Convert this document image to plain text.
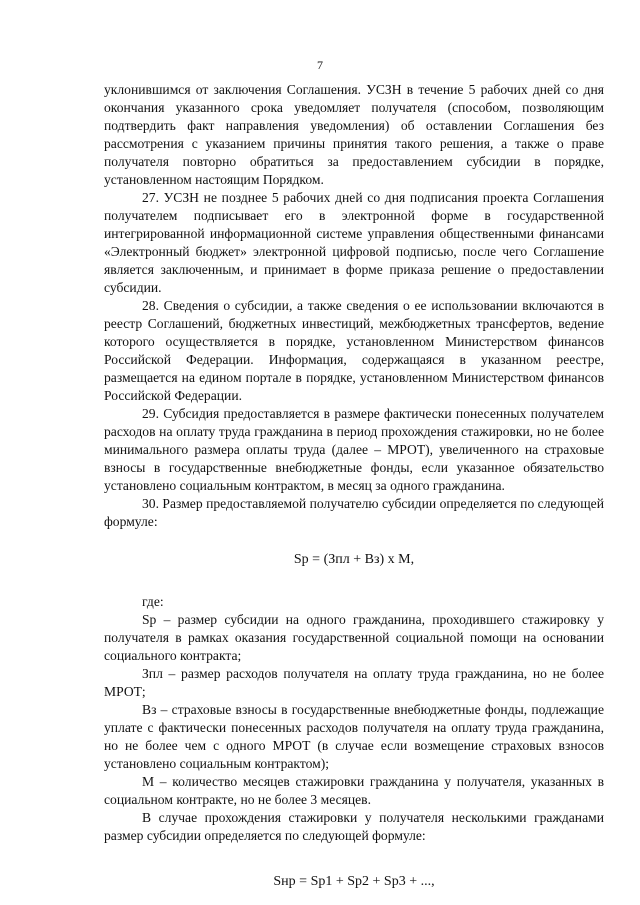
7

уклонившимся от заключения Соглашения. УСЗН в течение 5 рабочих дней со дня окончания указанного срока уведомляет получателя (способом, позволяющим подтвердить факт направления уведомления) об оставлении Соглашения без рассмотрения с указанием причины принятия такого решения, а также о праве получателя повторно обратиться за предоставлением субсидии в порядке, установленном настоящим Порядком.

27. УСЗН не позднее 5 рабочих дней со дня подписания проекта Соглашения получателем подписывает его в электронной форме в государственной интегрированной информационной системе управления общественными финансами «Электронный бюджет» электронной цифровой подписью, после чего Соглашение является заключенным, и принимает в форме приказа решение о предоставлении субсидии.

28. Сведения о субсидии, а также сведения о ее использовании включаются в реестр Соглашений, бюджетных инвестиций, межбюджетных трансфертов, ведение которого осуществляется в порядке, установленном Министерством финансов Российской Федерации. Информация, содержащаяся в указанном реестре, размещается на едином портале в порядке, установленном Министерством финансов Российской Федерации.

29. Субсидия предоставляется в размере фактически понесенных получателем расходов на оплату труда гражданина в период прохождения стажировки, но не более минимального размера оплаты труда (далее – МРОТ), увеличенного на страховые взносы в государственные внебюджетные фонды, если указанное обязательство установлено социальным контрактом, в месяц за одного гражданина.

30. Размер предоставляемой получателю субсидии определяется по следующей формуле:

Sр = (Зпл + Вз) х М,

где:

Sр – размер субсидии на одного гражданина, проходившего стажировку у получателя в рамках оказания государственной социальной помощи на основании социального контракта;

Зпл – размер расходов получателя на оплату труда гражданина, но не более МРОТ;

Вз – страховые взносы в государственные внебюджетные фонды, подлежащие уплате с фактически понесенных расходов получателя на оплату труда гражданина, но не более чем с одного МРОТ (в случае если возмещение страховых взносов установлено социальным контрактом);

М – количество месяцев стажировки гражданина у получателя, указанных в социальном контракте, но не более 3 месяцев.

В случае прохождения стажировки у получателя несколькими гражданами размер субсидии определяется по следующей формуле:

Sнр = Sр1 + Sр2 + Sр3 + ...,
